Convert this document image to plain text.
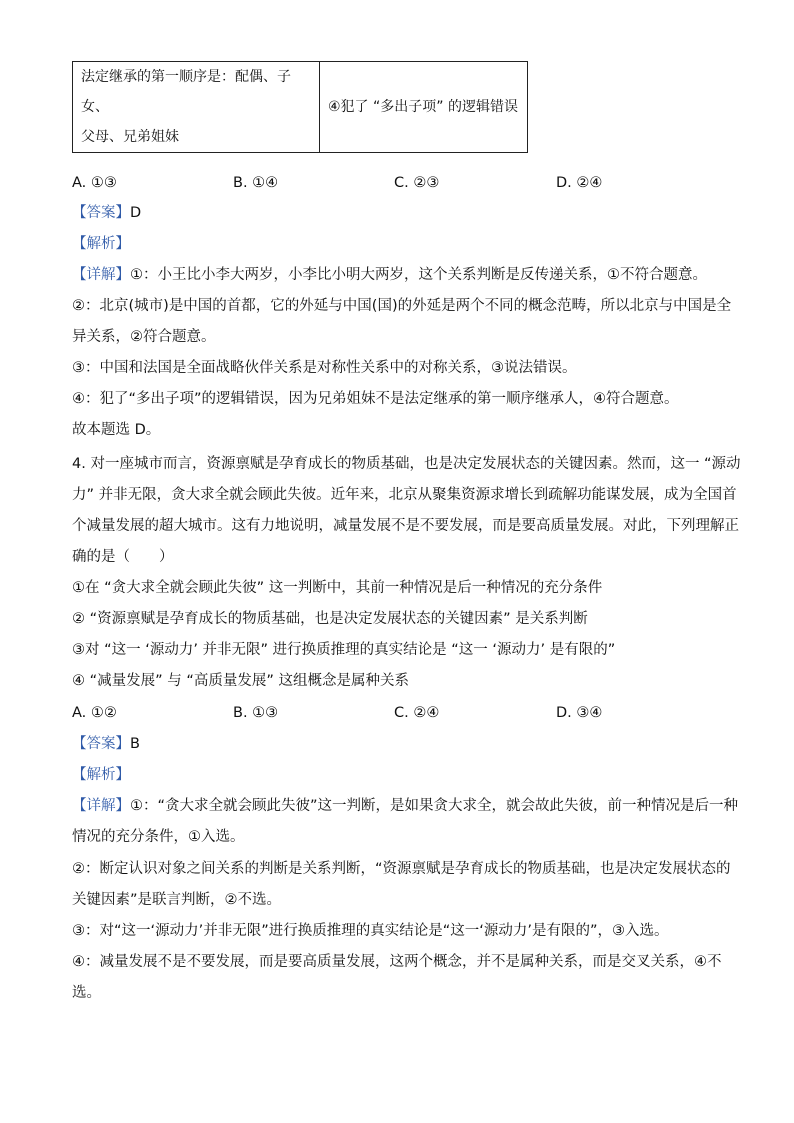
法定继承的第一顺序是：配偶、子女、
父母、兄弟姐妹
	④犯了 “多出子项” 的逻辑错误
A. ①③	B. ①④	C. ②③	D. ②④
【答案】D
【解析】
【详解】①：小王比小李大两岁，小李比小明大两岁，这个关系判断是反传递关系，①不符合题意。
②：北京(城市)是中国的首都，它的外延与中国(国)的外延是两个不同的概念范畴，所以北京与中国是全
异关系，②符合题意。
③：中国和法国是全面战略伙伴关系是对称性关系中的对称关系，③说法错误。
④：犯了“多出子项”的逻辑错误，因为兄弟姐妹不是法定继承的第一顺序继承人，④符合题意。
故本题选 D。
4. 对一座城市而言，资源禀赋是孕育成长的物质基础，也是决定发展状态的关键因素。然而，这一 “源动
力” 并非无限，贪大求全就会顾此失彼。近年来，北京从聚集资源求增长到疏解功能谋发展，成为全国首
个减量发展的超大城市。这有力地说明，减量发展不是不要发展，而是要高质量发展。对此，下列理解正
确的是（　　）
①在 “贪大求全就会顾此失彼” 这一判断中，其前一种情况是后一种情况的充分条件
② “资源禀赋是孕育成长的物质基础，也是决定发展状态的关键因素” 是关系判断
③对 “这一 ‘源动力’ 并非无限” 进行换质推理的真实结论是 “这一 ‘源动力’ 是有限的”
④ “减量发展” 与 “高质量发展” 这组概念是属种关系
A. ①②	B. ①③	C. ②④	D. ③④
【答案】B
【解析】
【详解】①：“贪大求全就会顾此失彼”这一判断，是如果贪大求全，就会故此失彼，前一种情况是后一种
情况的充分条件，①入选。
②：断定认识对象之间关系的判断是关系判断，“资源禀赋是孕育成长的物质基础，也是决定发展状态的
关键因素”是联言判断，②不选。
③：对“这一‘源动力’并非无限”进行换质推理的真实结论是“这一‘源动力’是有限的”，③入选。
④：减量发展不是不要发展，而是要高质量发展，这两个概念，并不是属种关系，而是交叉关系，④不
选。
